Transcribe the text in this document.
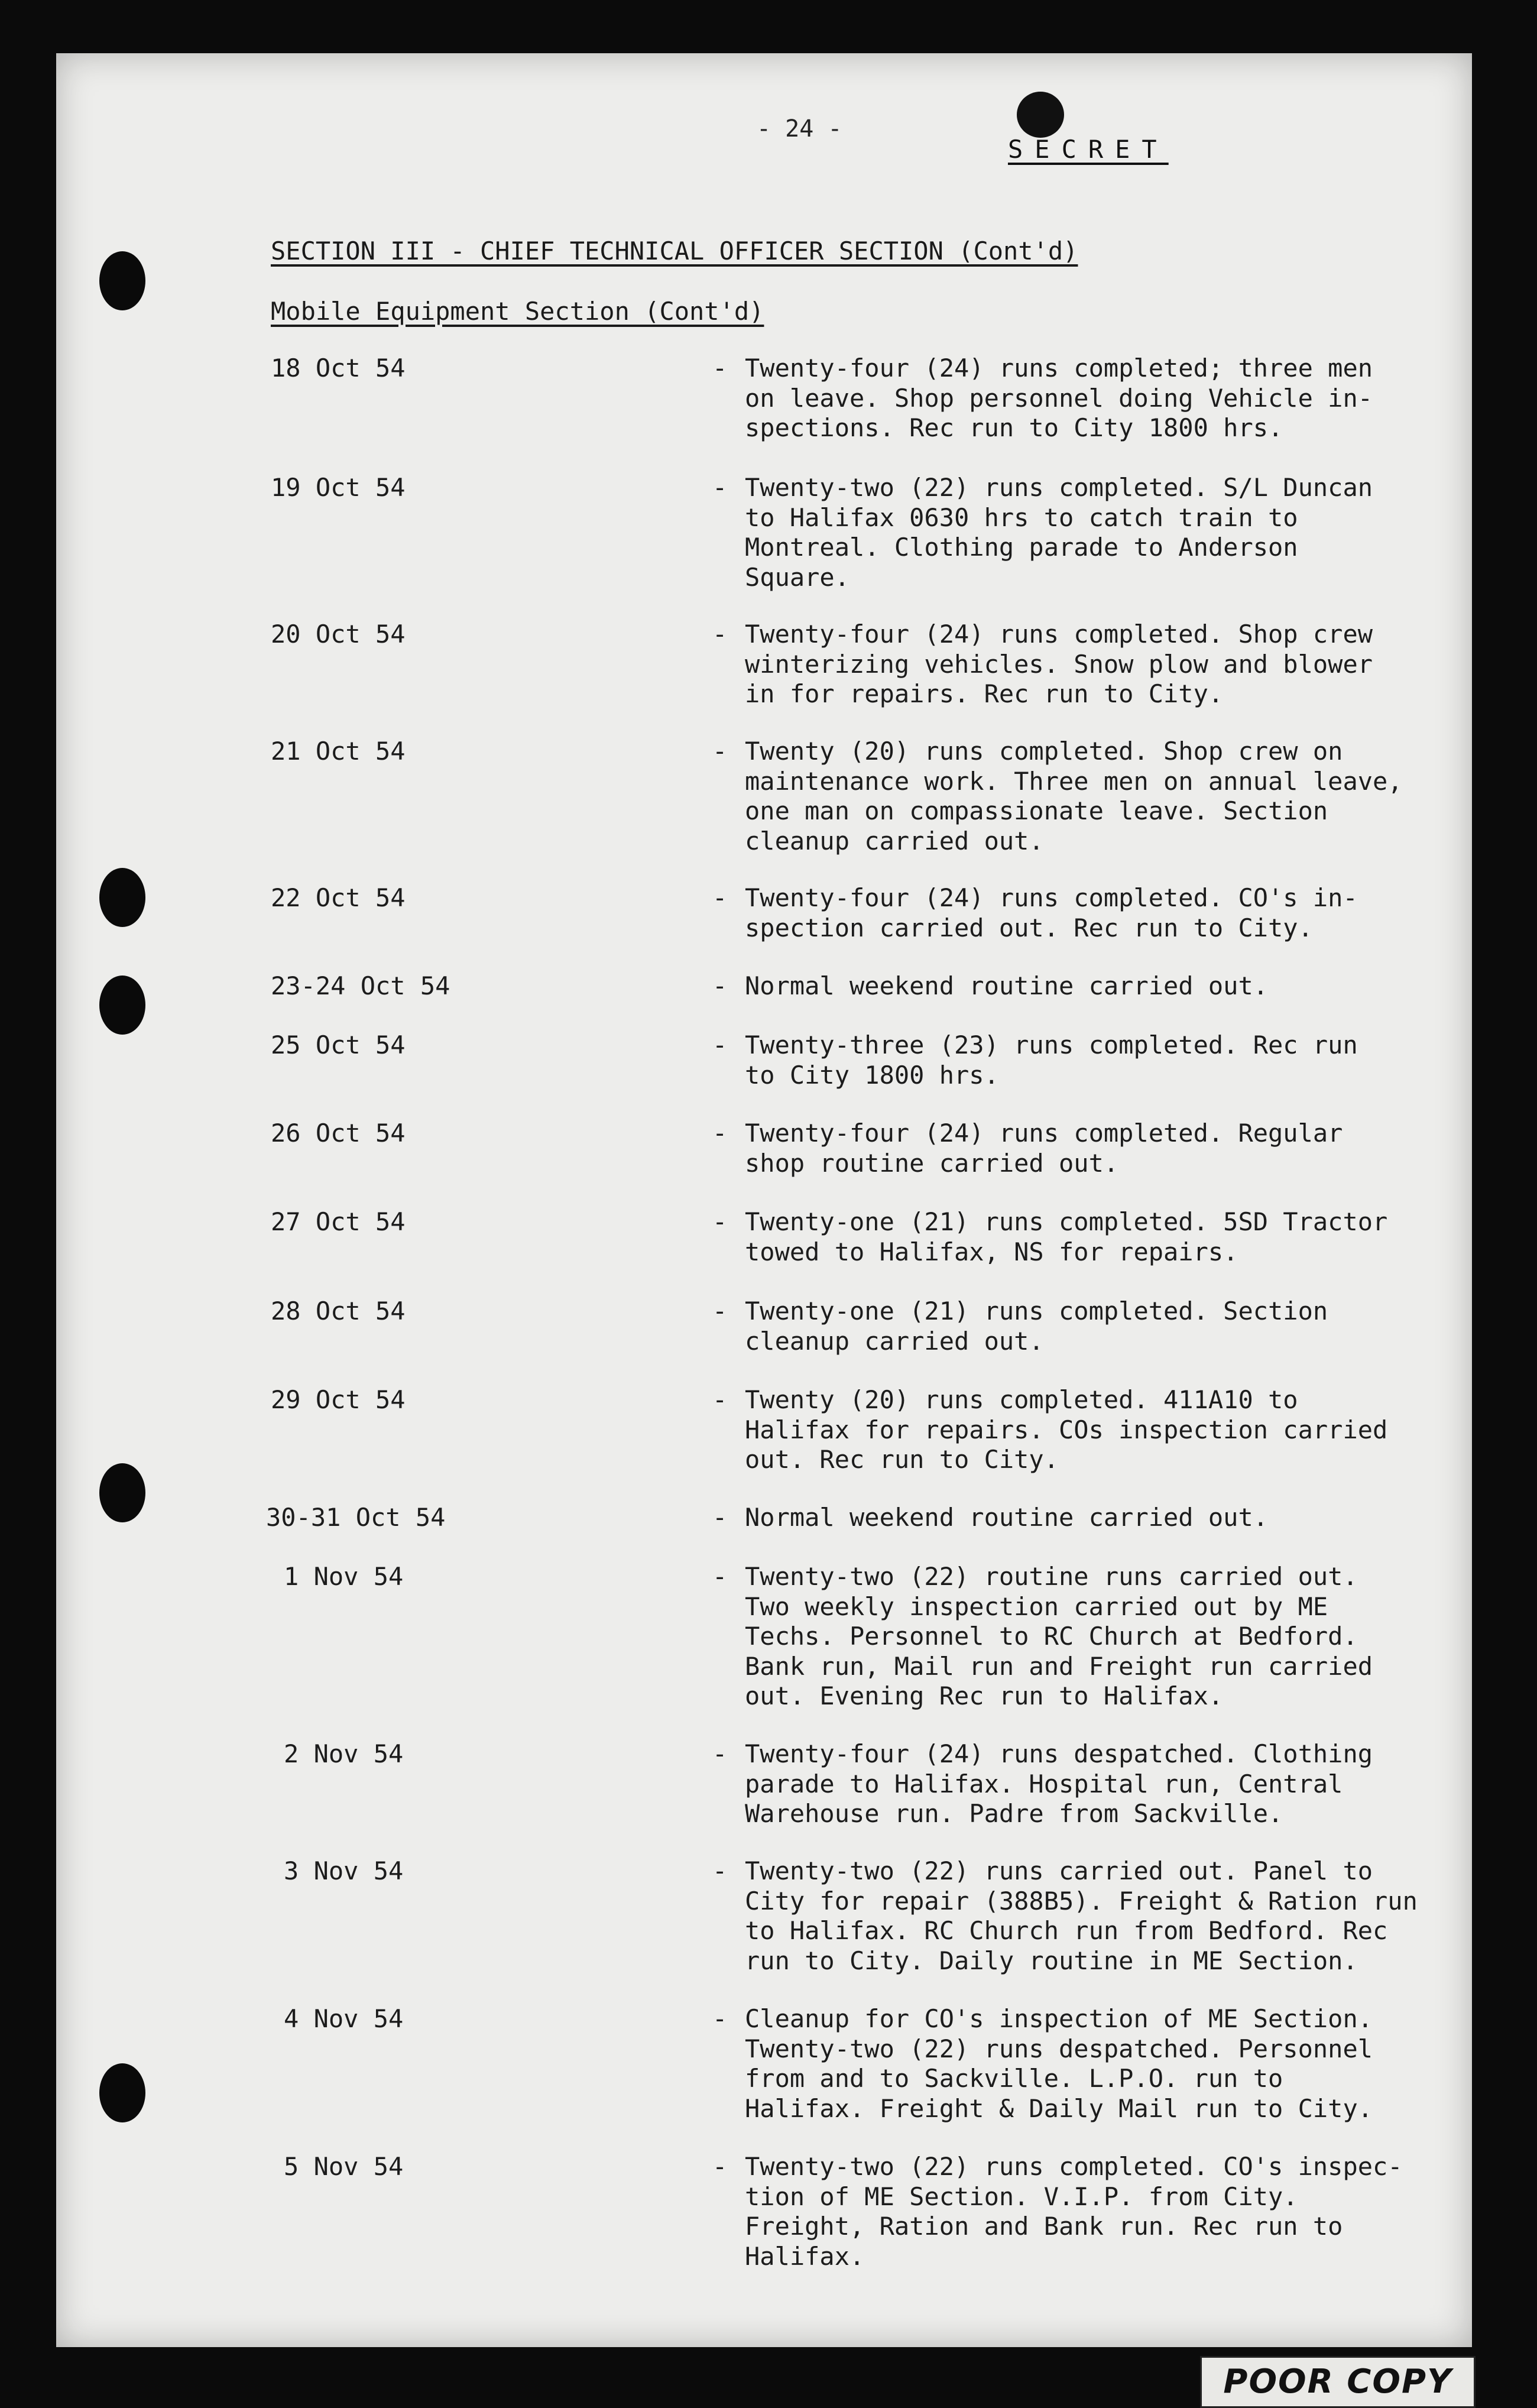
- 24 -
SECRET
SECTION III - CHIEF TECHNICAL OFFICER SECTION (Cont'd)
Mobile Equipment Section (Cont'd)
18 Oct 54	- Twenty-four (24) runs completed; three men
on leave. Shop personnel doing Vehicle in-
spections. Rec run to City 1800 hrs.
19 Oct 54	- Twenty-two (22) runs completed. S/L Duncan
to Halifax 0630 hrs to catch train to
Montreal. Clothing parade to Anderson
Square.
20 Oct 54	- Twenty-four (24) runs completed. Shop crew
winterizing vehicles. Snow plow and blower
in for repairs. Rec run to City.
21 Oct 54	- Twenty (20) runs completed. Shop crew on
maintenance work. Three men on annual leave,
one man on compassionate leave. Section
cleanup carried out.
22 Oct 54	- Twenty-four (24) runs completed. CO's in-
spection carried out. Rec run to City.
23-24 Oct 54	- Normal weekend routine carried out.
25 Oct 54	- Twenty-three (23) runs completed. Rec run
to City 1800 hrs.
26 Oct 54	- Twenty-four (24) runs completed. Regular
shop routine carried out.
27 Oct 54	- Twenty-one (21) runs completed. 5SD Tractor
towed to Halifax, NS for repairs.
28 Oct 54	- Twenty-one (21) runs completed. Section
cleanup carried out.
29 Oct 54	- Twenty (20) runs completed. 411A10 to
Halifax for repairs. COs inspection carried
out. Rec run to City.
30-31 Oct 54	- Normal weekend routine carried out.
1 Nov 54	- Twenty-two (22) routine runs carried out.
Two weekly inspection carried out by ME
Techs. Personnel to RC Church at Bedford.
Bank run, Mail run and Freight run carried
out. Evening Rec run to Halifax.
2 Nov 54	- Twenty-four (24) runs despatched. Clothing
parade to Halifax. Hospital run, Central
Warehouse run. Padre from Sackville.
3 Nov 54	- Twenty-two (22) runs carried out. Panel to
City for repair (388B5). Freight & Ration run
to Halifax. RC Church run from Bedford. Rec
run to City. Daily routine in ME Section.
4 Nov 54	- Cleanup for CO's inspection of ME Section.
Twenty-two (22) runs despatched. Personnel
from and to Sackville. L.P.O. run to
Halifax. Freight & Daily Mail run to City.
5 Nov 54	- Twenty-two (22) runs completed. CO's inspec-
tion of ME Section. V.I.P. from City.
Freight, Ration and Bank run. Rec run to
Halifax.
POOR COPY
